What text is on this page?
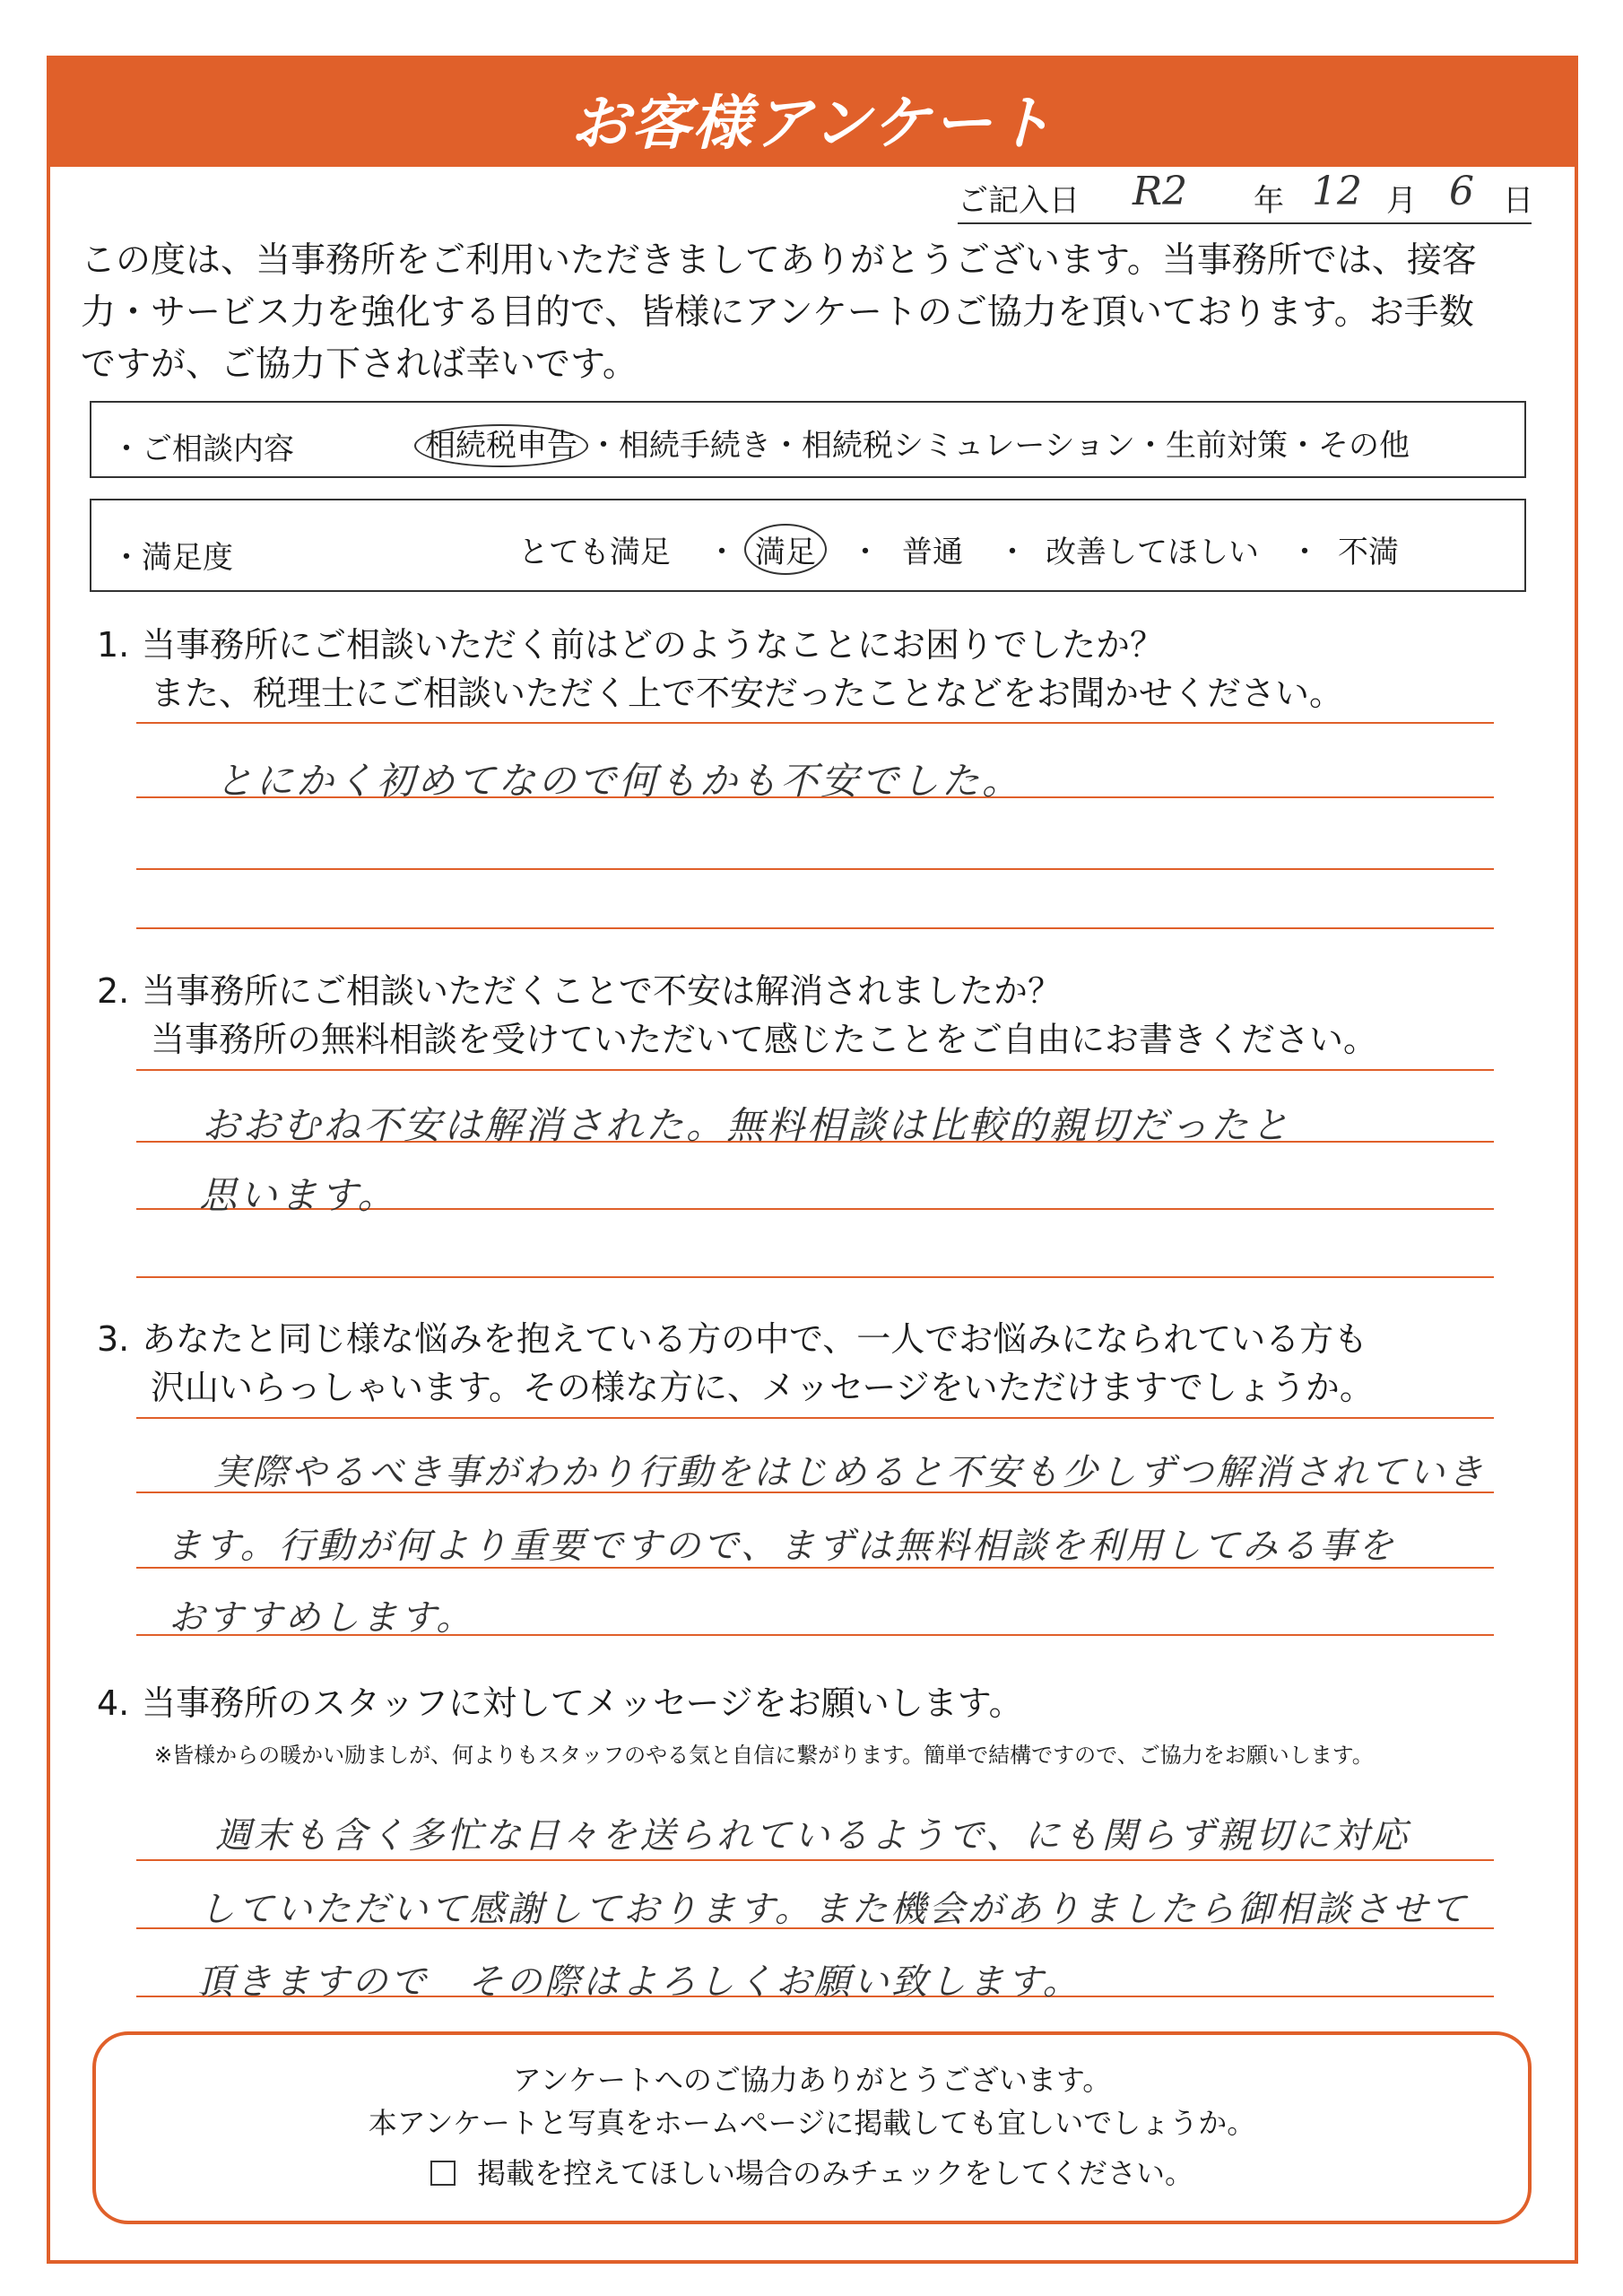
お客様アンケート
ご記入日 R2 年 12 月 6 日
この度は、当事務所をご利用いただきましてありがとうございます。当事務所では、接客
力・サービス力を強化する目的で、皆様にアンケートのご協力を頂いております。お手数
ですが、ご協力下されば幸いです。
・ご相談内容	相続税申告 ・相続手続き・相続税シミュレーション・生前対策・その他
・満足度	とても満足 ・ 満足	・ 普通 ・ 改善してほしい ・ 不満
1. 当事務所にご相談いただく前はどのようなことにお困りでしたか？
また、税理士にご相談いただく上で不安だったことなどをお聞かせください。
とにかく初めてなので何もかも不安でした。
2. 当事務所にご相談いただくことで不安は解消されましたか？
当事務所の無料相談を受けていただいて感じたことをご自由にお書きください。
おおむね不安は解消された。無料相談は比較的親切だったと
思います。
3. あなたと同じ様な悩みを抱えている方の中で、一人でお悩みになられている方も
沢山いらっしゃいます。その様な方に、メッセージをいただけますでしょうか。
実際やるべき事がわかり行動をはじめると不安も少しずつ解消されていき
ます。行動が何より重要ですので、まずは無料相談を利用してみる事を
おすすめします。
4. 当事務所のスタッフに対してメッセージをお願いします。
※皆様からの暖かい励ましが、何よりもスタッフのやる気と自信に繋がります。簡単で結構ですので、ご協力をお願いします。
週末も含く多忙な日々を送られているようで、にも関らず親切に対応
していただいて感謝しております。また機会がありましたら御相談させて
頂きますので　その際はよろしくお願い致します。
アンケートへのご協力ありがとうございます。
本アンケートと写真をホームページに掲載しても宜しいでしょうか。
掲載を控えてほしい場合のみチェックをしてください。
